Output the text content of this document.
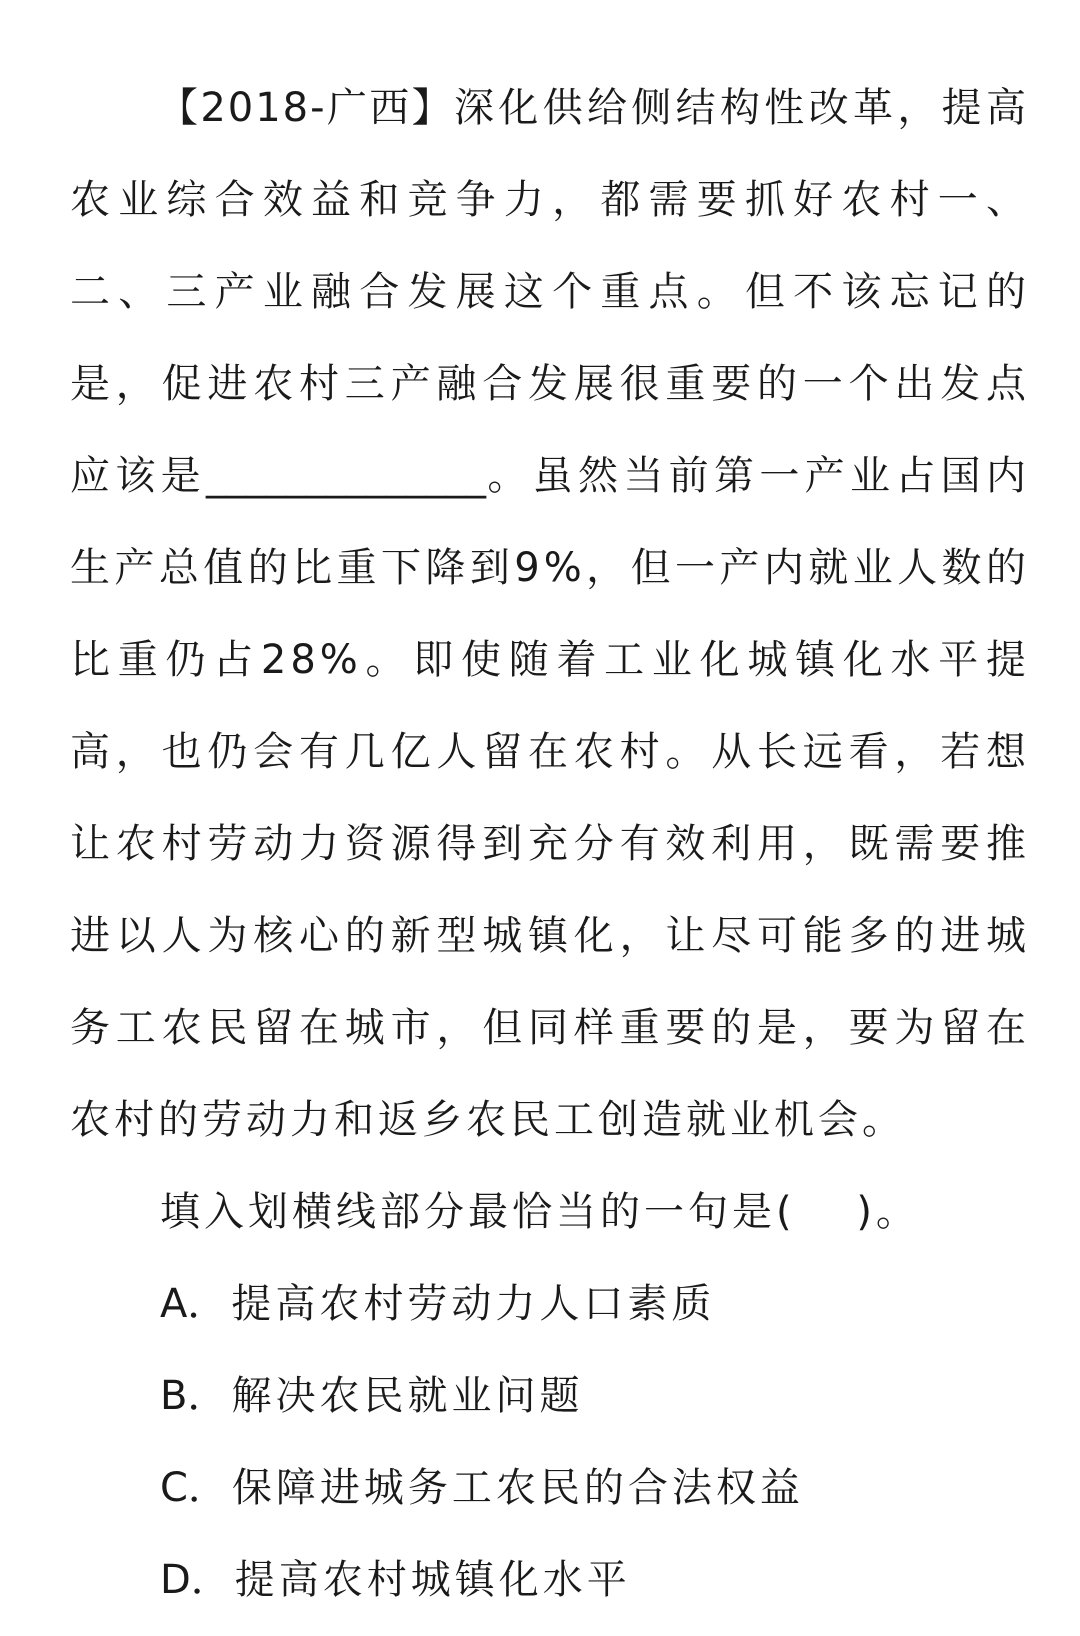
【2018-广西】深化供给侧结构性改革，提高农业综合效益和竞争力，都需要抓好农村一、二、三产业融合发展这个重点。但不该忘记的是，促进农村三产融合发展很重要的一个出发点应该是______________。虽然当前第一产业占国内生产总值的比重下降到9%，但一产内就业人数的比重仍占28%。即使随着工业化城镇化水平提高，也仍会有几亿人留在农村。从长远看，若想让农村劳动力资源得到充分有效利用，既需要推进以人为核心的新型城镇化，让尽可能多的进城务工农民留在城市，但同样重要的是，要为留在农村的劳动力和返乡农民工创造就业机会。

填入划横线部分最恰当的一句是(　 )。

A．提高农村劳动力人口素质
B．解决农民就业问题
C．保障进城务工农民的合法权益
D．提高农村城镇化水平
